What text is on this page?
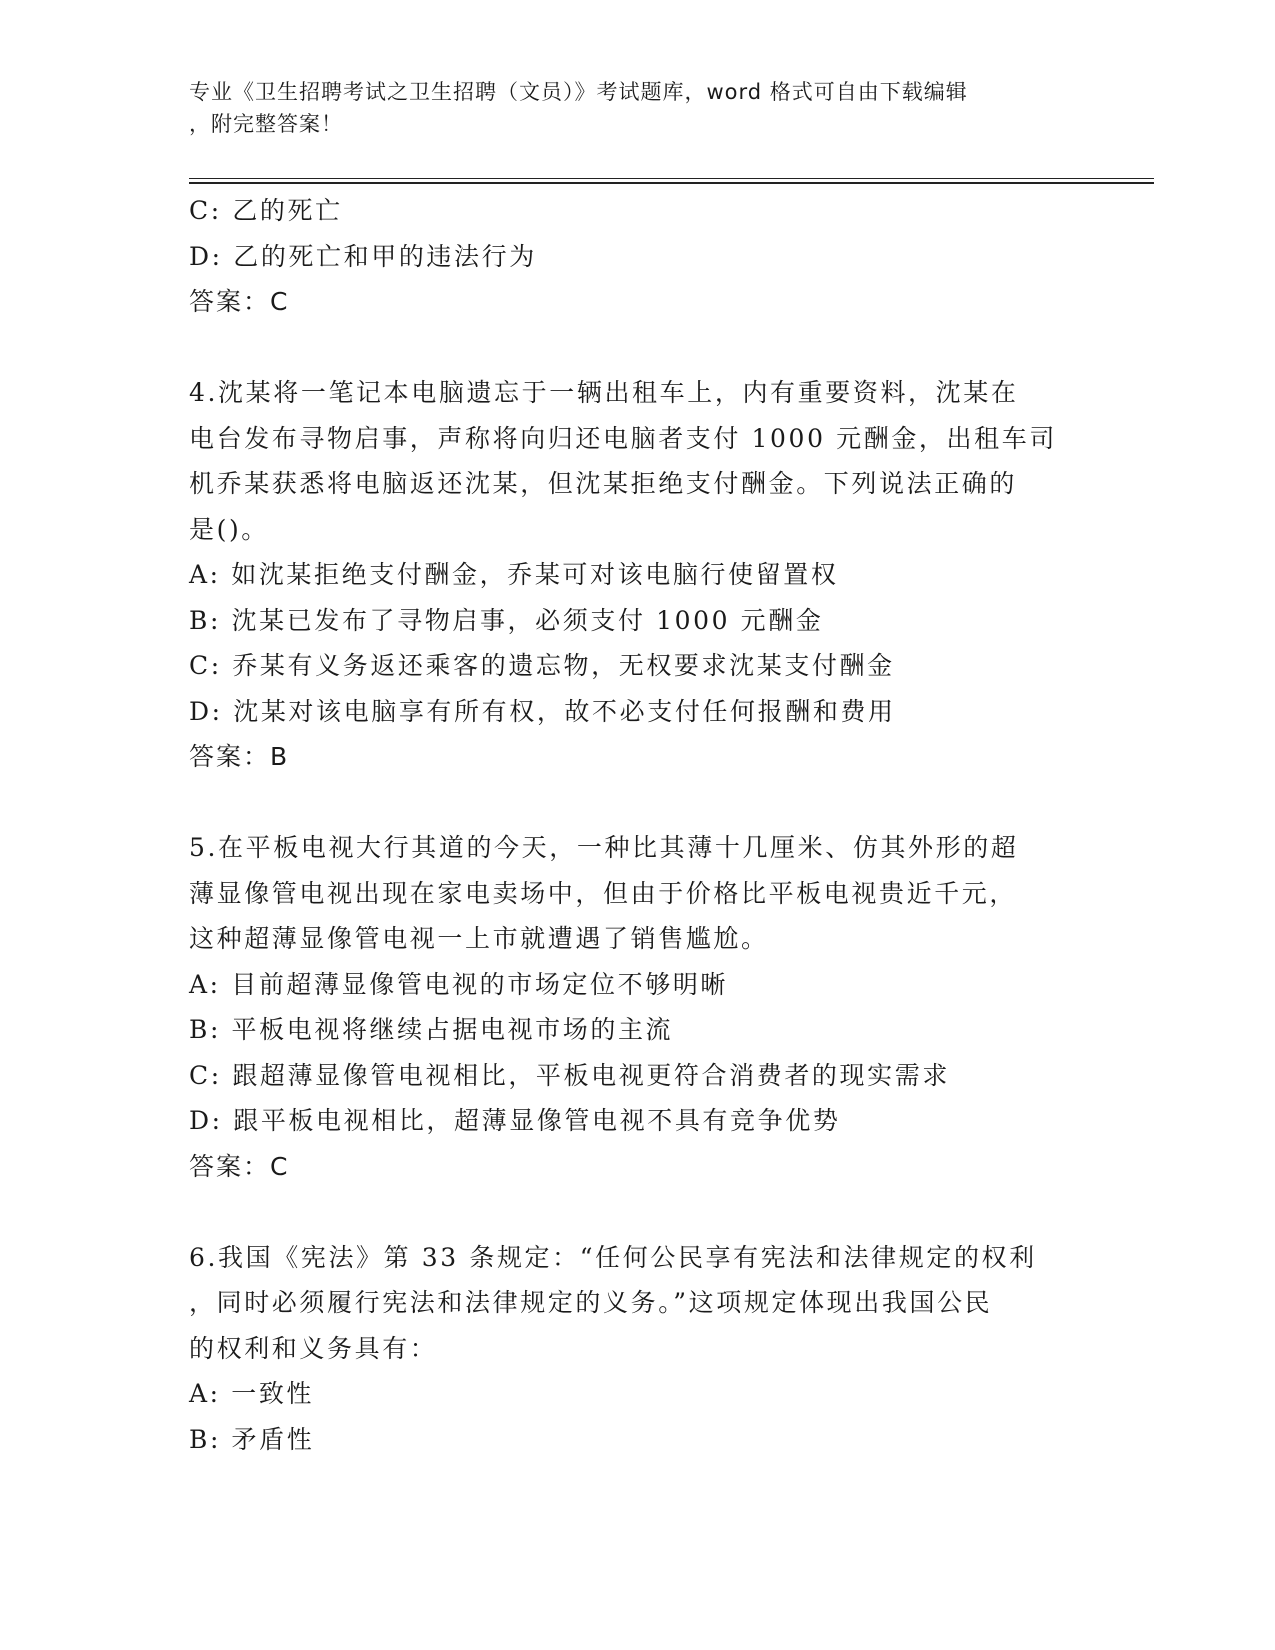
专业《卫生招聘考试之卫生招聘（文员）》考试题库，word 格式可自由下载编辑
，附完整答案！
C: 乙的死亡
D: 乙的死亡和甲的违法行为
答案：C
4.沈某将一笔记本电脑遗忘于一辆出租车上，内有重要资料，沈某在
电台发布寻物启事，声称将向归还电脑者支付 1000 元酬金，出租车司
机乔某获悉将电脑返还沈某，但沈某拒绝支付酬金。下列说法正确的
是()。
A: 如沈某拒绝支付酬金，乔某可对该电脑行使留置权
B: 沈某已发布了寻物启事，必须支付 1000 元酬金
C: 乔某有义务返还乘客的遗忘物，无权要求沈某支付酬金
D: 沈某对该电脑享有所有权，故不必支付任何报酬和费用
答案：B
5.在平板电视大行其道的今天，一种比其薄十几厘米、仿其外形的超
薄显像管电视出现在家电卖场中，但由于价格比平板电视贵近千元，
这种超薄显像管电视一上市就遭遇了销售尴尬。
A: 目前超薄显像管电视的市场定位不够明晰
B: 平板电视将继续占据电视市场的主流
C: 跟超薄显像管电视相比，平板电视更符合消费者的现实需求
D: 跟平板电视相比，超薄显像管电视不具有竞争优势
答案：C
6.我国《宪法》第 33 条规定：“任何公民享有宪法和法律规定的权利
，同时必须履行宪法和法律规定的义务。”这项规定体现出我国公民
的权利和义务具有：
A: 一致性
B: 矛盾性
